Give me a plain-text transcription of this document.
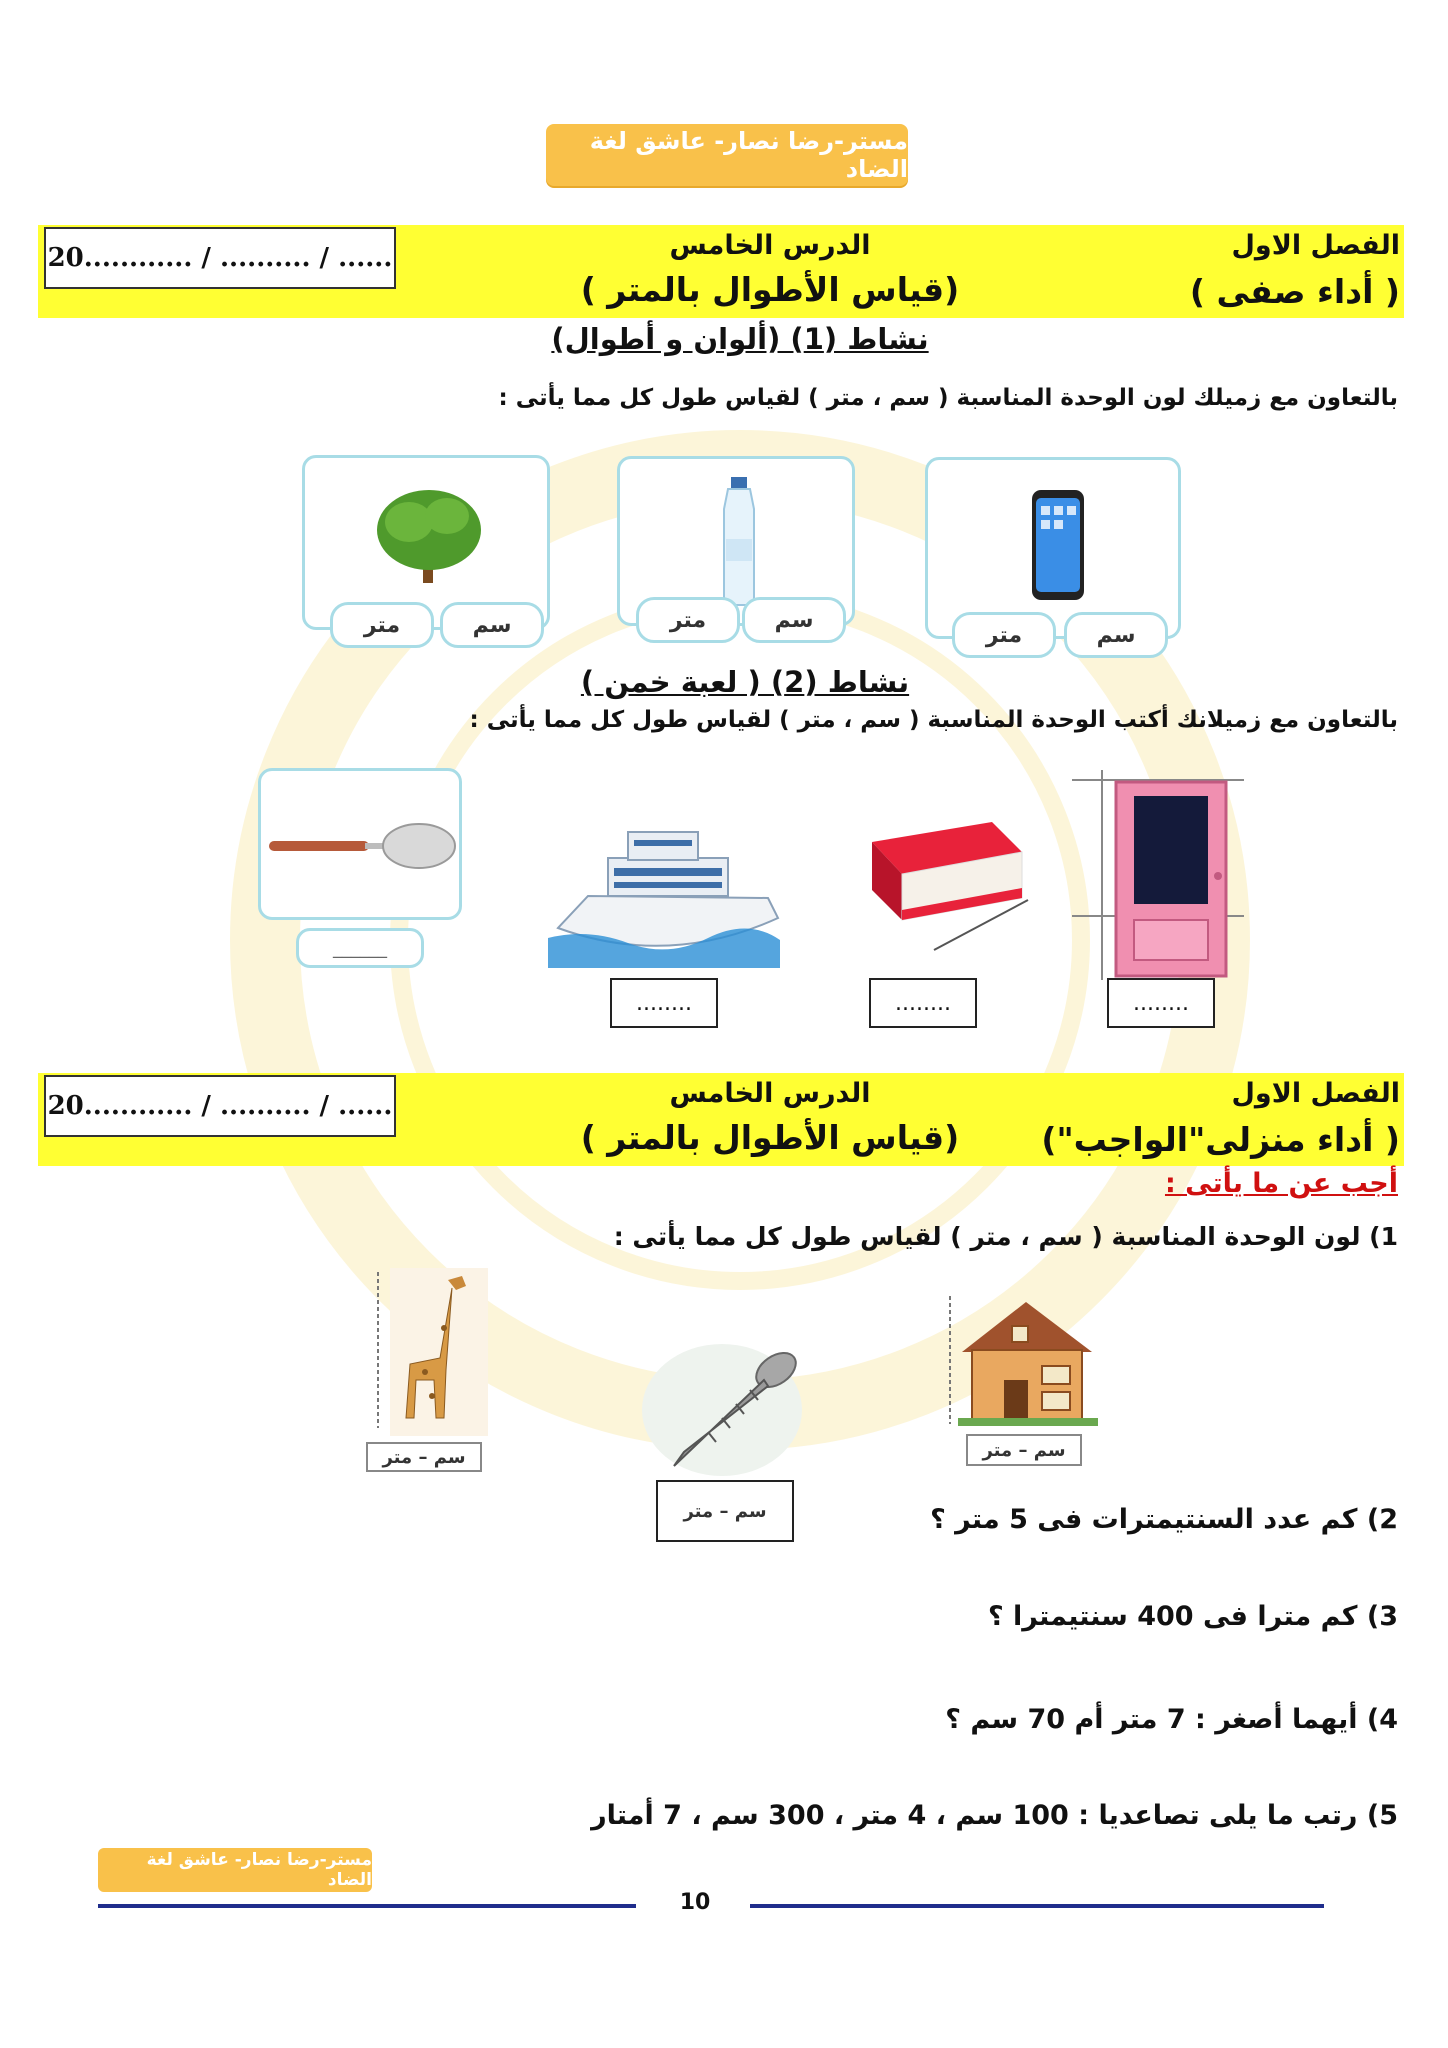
مستر-رضا نصار- عاشق لغة الضاد
20............ / .......... / ......	الفصل الاول
( أداء صفى )
الدرس الخامس
(قياس الأطوال بالمتر )
نشاط (1) (ألوان و أطوال)
بالتعاون مع زميلك لون الوحدة المناسبة ( سم ، متر ) لقياس طول كل مما يأتى :
متر	سم	متر	سم
متر	سم
نشاط (2) ( لعبة خمن )
بالتعاون مع زميلانك أكتب الوحدة المناسبة ( سم ، متر ) لقياس طول كل مما يأتى :
______
........	........	........
20............ / .......... / ......	الفصل الاول
( أداء منزلى"الواجب")
الدرس الخامس
(قياس الأطوال بالمتر )
أجب عن ما يأتى :
1) لون الوحدة المناسبة ( سم ، متر ) لقياس طول كل مما يأتى :
سم – متر
سم – متر
سم – متر
2) كم عدد السنتيمترات فى 5 متر ؟
3) كم مترا فى 400 سنتيمترا ؟
4) أيهما أصغر : 7 متر أم 70 سم ؟
5) رتب ما يلى تصاعديا : 100 سم ، 4 متر ، 300 سم ، 7 أمتار
مستر-رضا نصار- عاشق لغة الضاد
10
